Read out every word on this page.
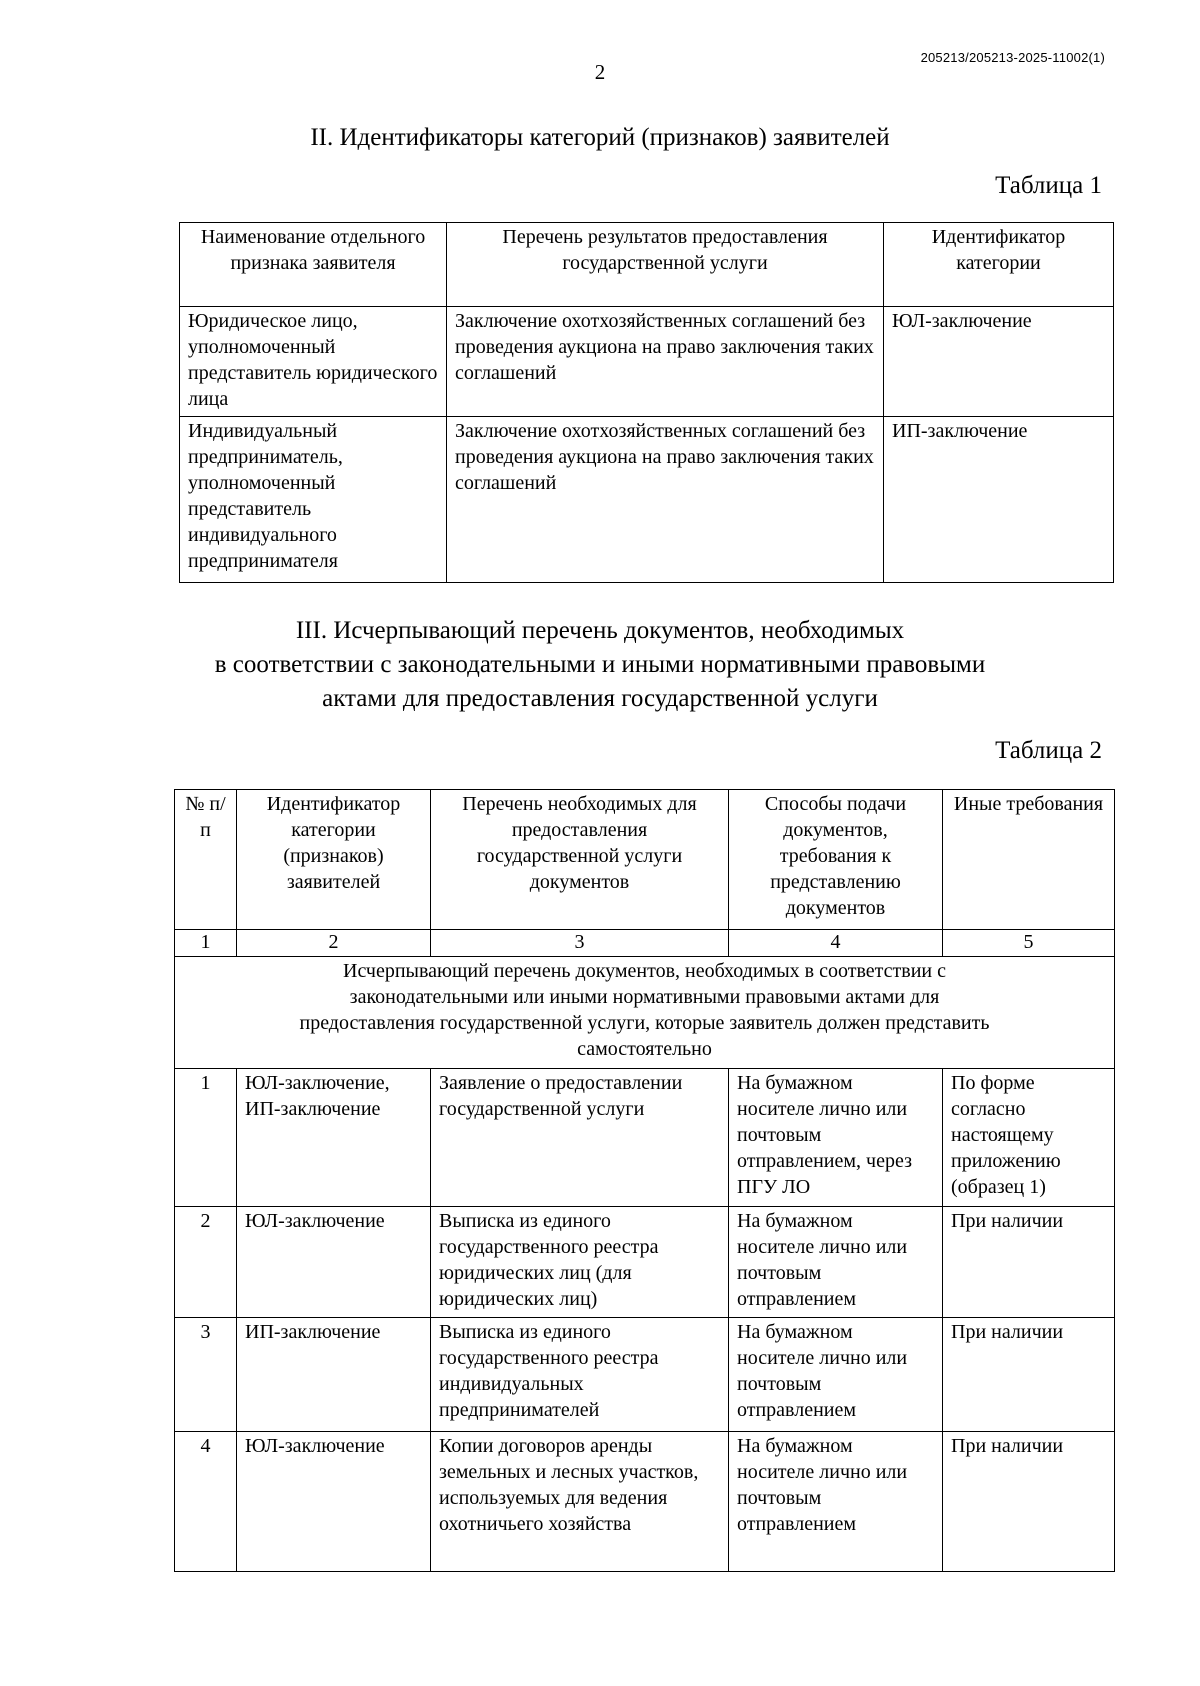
2
205213/205213-2025-11002(1)
II. Идентификаторы категорий (признаков) заявителей
Таблица 1
Наименование отдельного признака заявителя	Перечень результатов предоставления государственной услуги	Идентификатор категории
Юридическое лицо, уполномоченный представитель юридического лица	Заключение охотхозяйственных соглашений без проведения аукциона на право заключения таких соглашений	ЮЛ-заключение
Индивидуальный предприниматель, уполномоченный представитель индивидуального предпринимателя	Заключение охотхозяйственных соглашений без проведения аукциона на право заключения таких соглашений	ИП-заключение
III. Исчерпывающий перечень документов, необходимых
в соответствии с законодательными и иными нормативными правовыми
актами для предоставления государственной услуги
Таблица 2
№ п/п	Идентификатор категории (признаков) заявителей	Перечень необходимых для предоставления государственной услуги документов	Способы подачи документов, требования к представлению документов	Иные требования
1	2	3	4	5
Исчерпывающий перечень документов, необходимых в соответствии с законодательными или иными нормативными правовыми актами для предоставления государственной услуги, которые заявитель должен представить самостоятельно				
1	ЮЛ-заключение, ИП-заключение	Заявление о предоставлении государственной услуги	На бумажном носителе лично или почтовым отправлением, через ПГУ ЛО	По форме согласно настоящему приложению (образец 1)
2	ЮЛ-заключение	Выписка из единого государственного реестра юридических лиц (для юридических лиц)	На бумажном носителе лично или почтовым отправлением	При наличии
3	ИП-заключение	Выписка из единого государственного реестра индивидуальных предпринимателей	На бумажном носителе лично или почтовым отправлением	При наличии
4	ЮЛ-заключение	Копии договоров аренды земельных и лесных участков, используемых для ведения охотничьего хозяйства	На бумажном носителе лично или почтовым отправлением	При наличии
